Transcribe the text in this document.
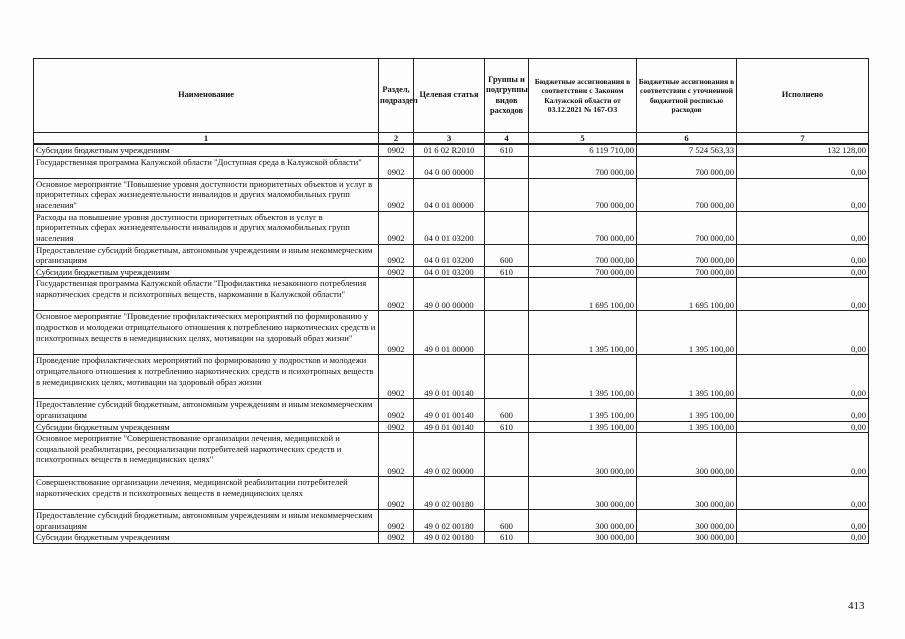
Наименование	Раздел, подраздел	Целевая статья	Группы и подгруппы видов расходов	Бюджетные ассигнования в соответствии с Законом Калужской области от 03.12.2021 № 167-ОЗ	Бюджетные ассигнования в соответствии с уточненной бюджетной росписью расходов	Исполнено
1	2	3	4	5	6	7
Субсидии бюджетным учреждениям	0902	01 6 02 R2010	610	6 119 710,00	7 524 563,33	132 128,00
Государственная программа Калужской области "Доступная среда в Калужской области"	0902	04 0 00 00000		700 000,00	700 000,00	0,00
Основное мероприятие "Повышение уровня доступности приоритетных объектов и услуг в приоритетных сферах жизнедеятельности инвалидов и других маломобильных групп населения"	0902	04 0 01 00000		700 000,00	700 000,00	0,00
Расходы на повышение уровня доступности приоритетных объектов и услуг в приоритетных сферах жизнедеятельности инвалидов и других маломобильных групп населения	0902	04 0 01 03200		700 000,00	700 000,00	0,00
Предоставление субсидий бюджетным, автономным учреждениям и иным некоммерческим организациям	0902	04 0 01 03200	600	700 000,00	700 000,00	0,00
Субсидии бюджетным учреждениям	0902	04 0 01 03200	610	700 000,00	700 000,00	0,00
Государственная программа Калужской области "Профилактика незаконного потребления наркотических средств и психотропных веществ, наркомании в Калужской области"	0902	49 0 00 00000		1 695 100,00	1 695 100,00	0,00
Основное мероприятие "Проведение профилактических мероприятий по формированию у подростков и молодежи отрицательного отношения к потреблению наркотических средств и психотропных веществ в немедицинских целях, мотивации на здоровый образ жизни"	0902	49 0 01 00000		1 395 100,00	1 395 100,00	0,00
Проведение профилактических мероприятий по формированию у подростков и молодежи отрицательного отношения к потреблению наркотических средств и психотропных веществ в немедицинских целях, мотивации на здоровый образ жизни	0902	49 0 01 00140		1 395 100,00	1 395 100,00	0,00
Предоставление субсидий бюджетным, автономным учреждениям и иным некоммерческим организациям	0902	49 0 01 00140	600	1 395 100,00	1 395 100,00	0,00
Субсидии бюджетным учреждениям	0902	49 0 01 00140	610	1 395 100,00	1 395 100,00	0,00
Основное мероприятие "Совершенствование организации лечения, медицинской и социальной реабилитации, ресоциализации потребителей наркотических средств и психотропных веществ в немедицинских целях"	0902	49 0 02 00000		300 000,00	300 000,00	0,00
Совершенствование организации лечения, медицинской реабилитации потребителей наркотических средств и психотропных веществ в немедицинских целях	0902	49 0 02 00180		300 000,00	300 000,00	0,00
Предоставление субсидий бюджетным, автономным учреждениям и иным некоммерческим организациям	0902	49 0 02 00180	600	300 000,00	300 000,00	0,00
Субсидии бюджетным учреждениям	0902	49 0 02 00180	610	300 000,00	300 000,00	0,00
413
